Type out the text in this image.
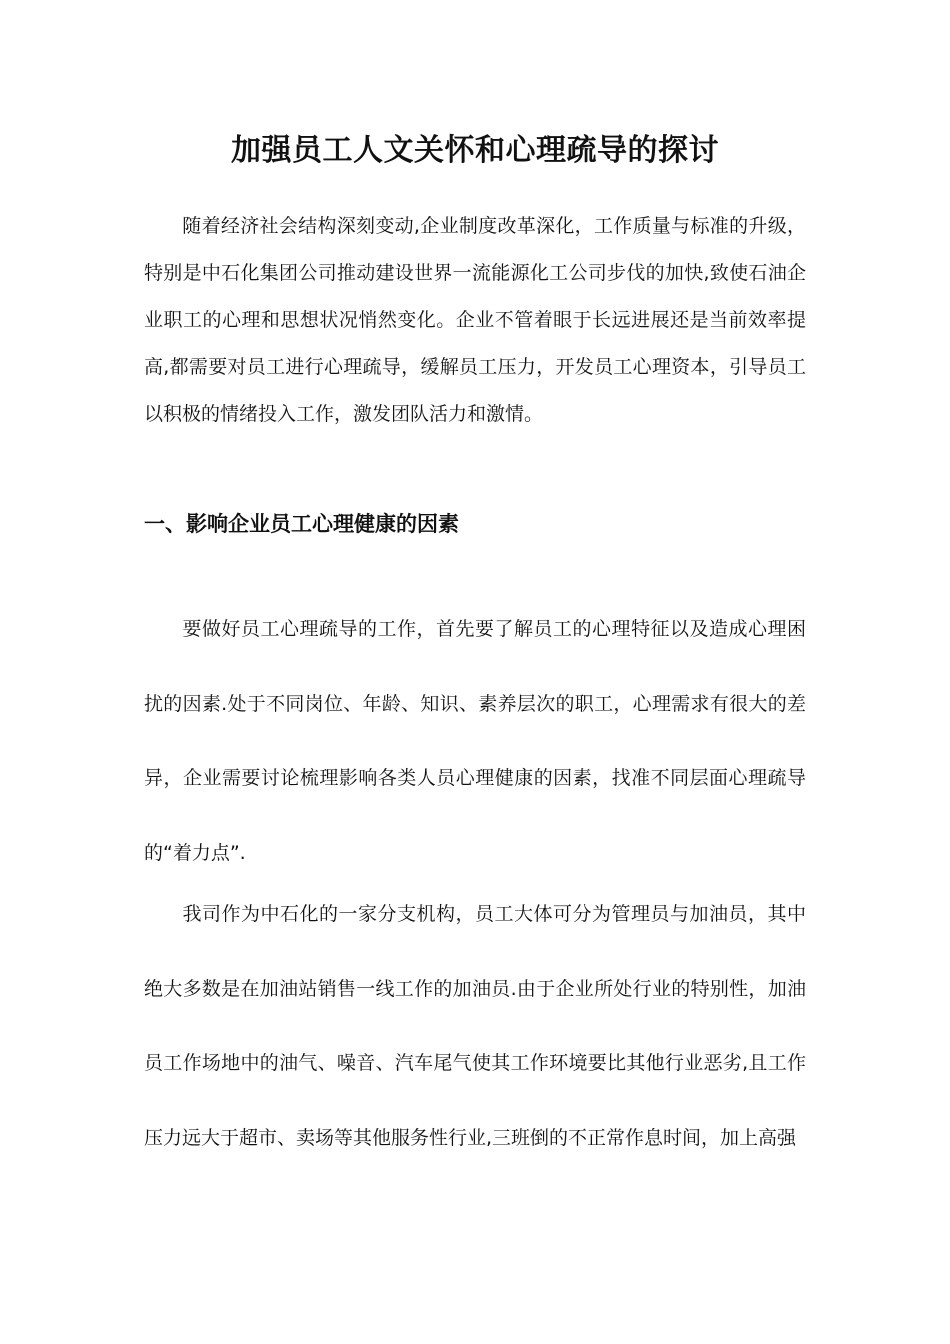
加强员工人文关怀和心理疏导的探讨

随着经济社会结构深刻变动,企业制度改革深化，工作质量与标准的升级，特别是中石化集团公司推动建设世界一流能源化工公司步伐的加快,致使石油企业职工的心理和思想状况悄然变化。企业不管着眼于长远进展还是当前效率提高,都需要对员工进行心理疏导，缓解员工压力，开发员工心理资本，引导员工以积极的情绪投入工作，激发团队活力和激情。

一、影响企业员工心理健康的因素

要做好员工心理疏导的工作，首先要了解员工的心理特征以及造成心理困扰的因素.处于不同岗位、年龄、知识、素养层次的职工，心理需求有很大的差异，企业需要讨论梳理影响各类人员心理健康的因素，找准不同层面心理疏导的“着力点”.

我司作为中石化的一家分支机构，员工大体可分为管理员与加油员，其中绝大多数是在加油站销售一线工作的加油员.由于企业所处行业的特别性，加油员工作场地中的油气、噪音、汽车尾气使其工作环境要比其他行业恶劣,且工作压力远大于超市、卖场等其他服务性行业,三班倒的不正常作息时间，加上高强
